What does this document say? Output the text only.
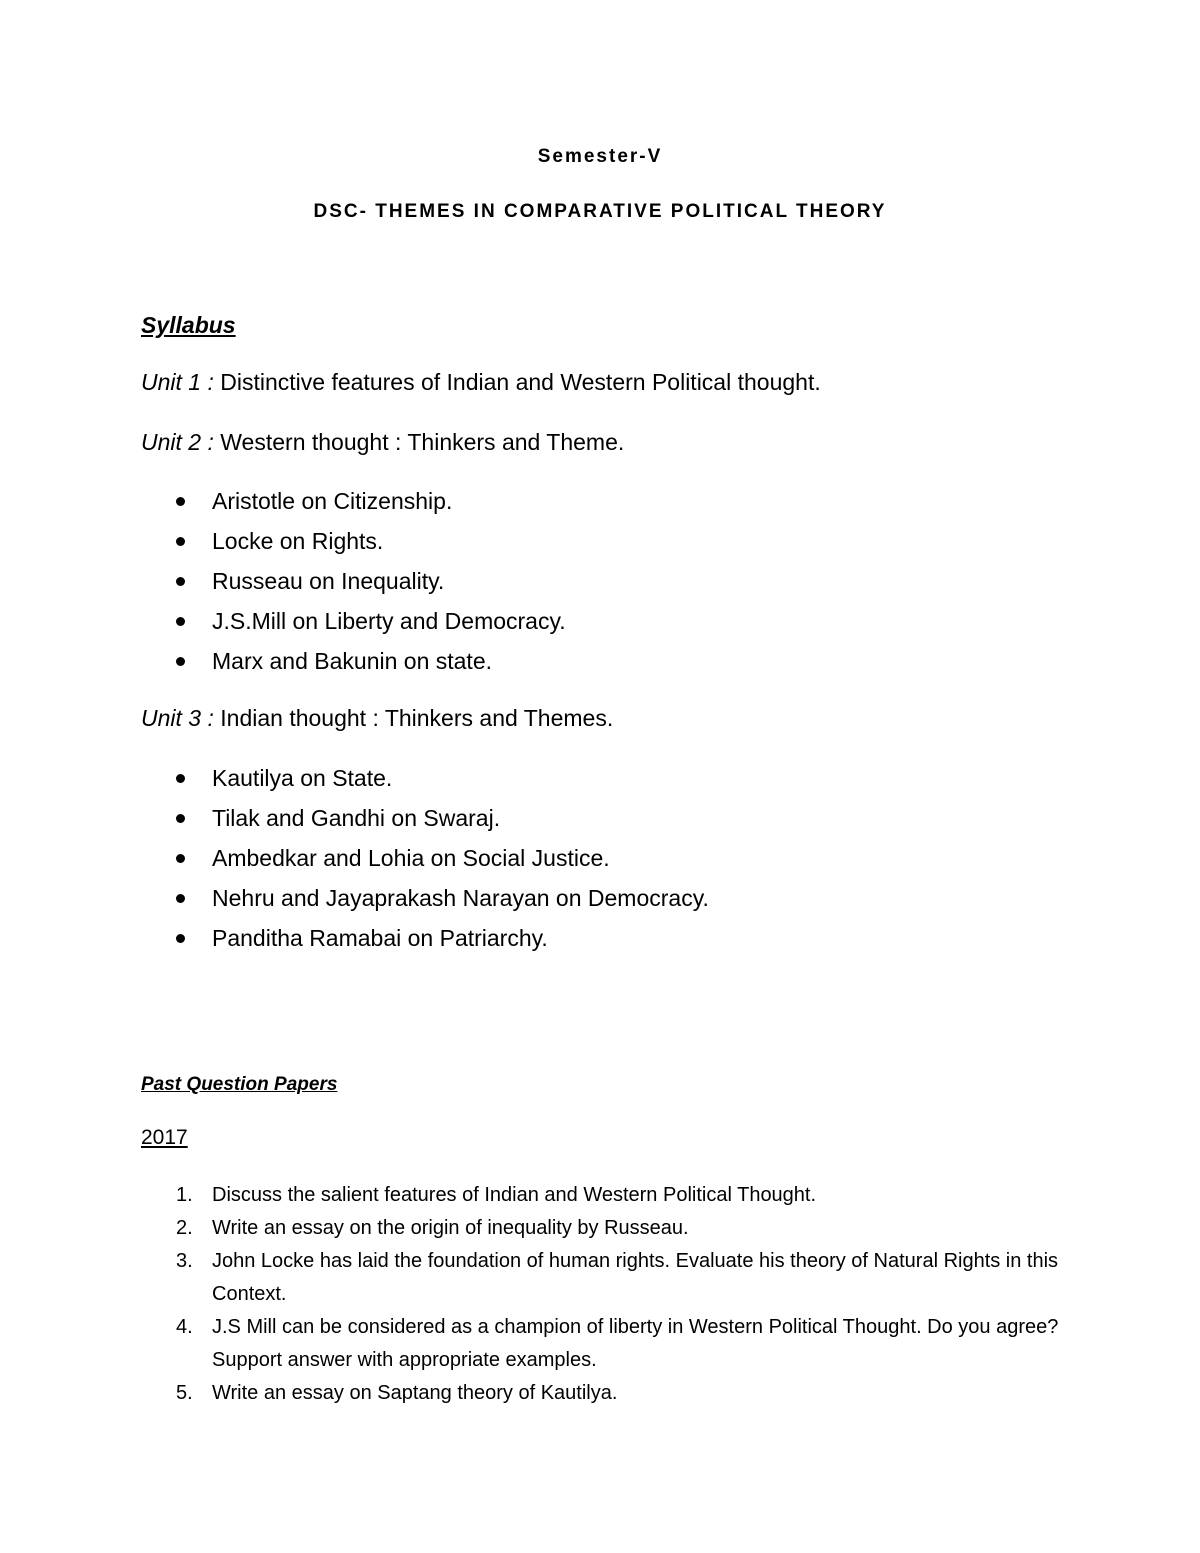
Semester-V
DSC- THEMES IN COMPARATIVE POLITICAL THEORY
Syllabus
Unit 1 : Distinctive features of Indian and Western Political thought.
Unit 2 : Western thought : Thinkers and Theme.
Aristotle on Citizenship.
Locke on Rights.
Russeau on Inequality.
J.S.Mill on Liberty and Democracy.
Marx and Bakunin on state.
Unit 3 : Indian thought : Thinkers and Themes.
Kautilya on State.
Tilak and Gandhi on Swaraj.
Ambedkar and Lohia on Social Justice.
Nehru and Jayaprakash Narayan on Democracy.
Panditha Ramabai on Patriarchy.
Past Question Papers
2017
1. Discuss the salient features of Indian and Western Political Thought.
2. Write an essay on the origin of inequality by Russeau.
3. John Locke has laid the foundation of human rights. Evaluate his theory of Natural Rights in this Context.
4. J.S Mill can be considered as a champion of liberty in Western Political Thought. Do you agree? Support answer with appropriate examples.
5. Write an essay on Saptang theory of Kautilya.
